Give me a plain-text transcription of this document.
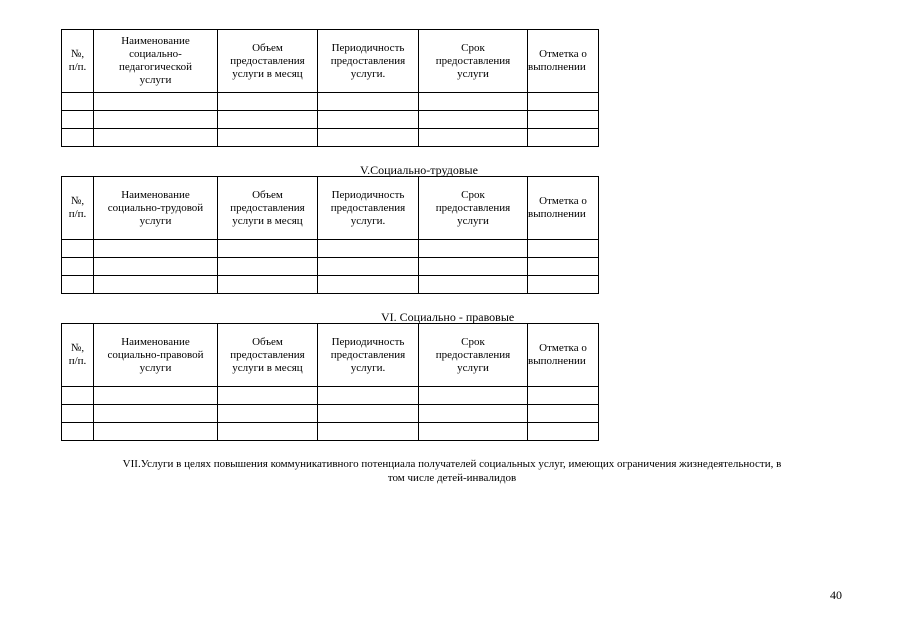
№,
п/п.	Наименование
социально-
педагогической
услуги	Объем
предоставления
услуги в месяц	Периодичность
предоставления
услуги.	Срок
предоставления
услуги	Отметка о
выполнении

V.Социально-трудовые
№,
п/п.	Наименование
социально-трудовой
услуги	Объем
предоставления
услуги в месяц	Периодичность
предоставления
услуги.	Срок
предоставления
услуги	Отметка о
выполнении

VI. Социально - правовые
№,
п/п.	Наименование
социально-правовой
услуги	Объем
предоставления
услуги в месяц	Периодичность
предоставления
услуги.	Срок
предоставления
услуги	Отметка о
выполнении

VII.Услуги в целях повышения коммуникативного потенциала получателей социальных услуг, имеющих ограничения жизнедеятельности, в
том числе детей-инвалидов
40
